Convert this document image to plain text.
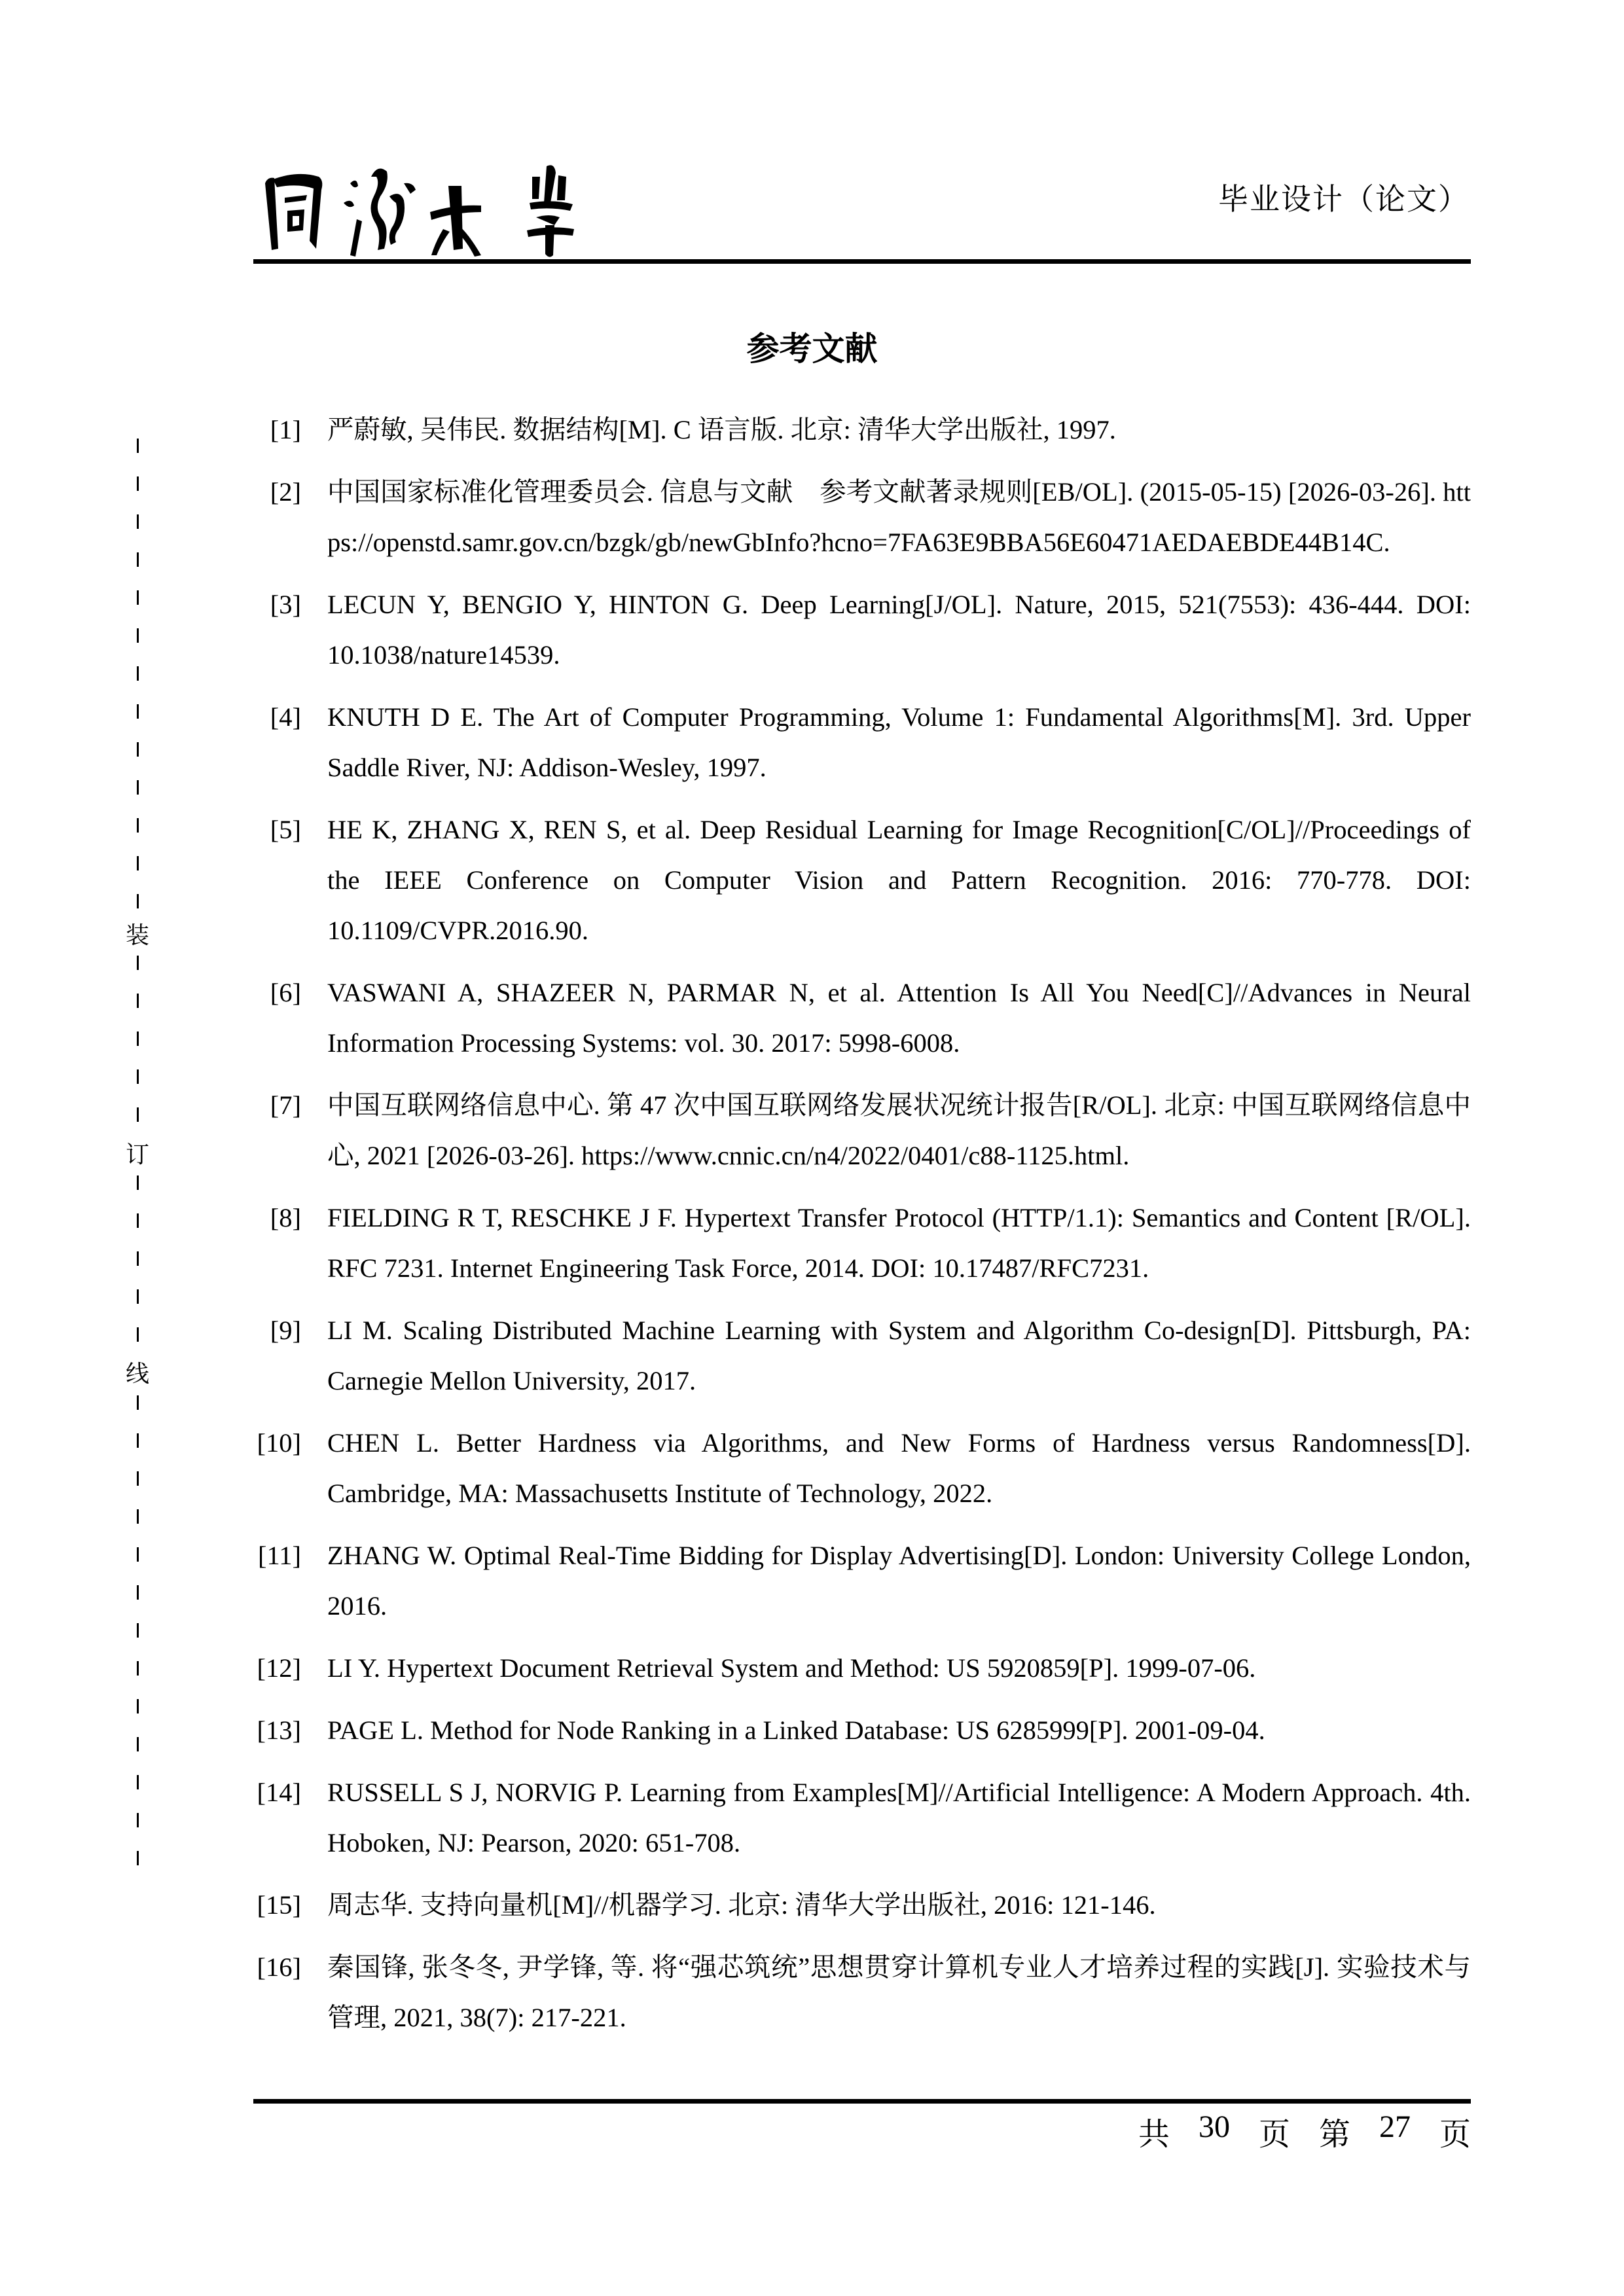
同濟大學
毕业设计（论文）
装
订
线
参考文献
[1] 严蔚敏, 吴伟民. 数据结构[M]. C 语言版. 北京: 清华大学出版社, 1997.
[2] 中国国家标准化管理委员会. 信息与文献　参考文献著录规则[EB/OL]. (2015-05-15) [2026-03-26]. https://openstd.samr.gov.cn/bzgk/gb/newGbInfo?hcno=7FA63E9BBA56E60471AEDAEBDE44B14C.
[3] LECUN Y, BENGIO Y, HINTON G. Deep Learning[J/OL]. Nature, 2015, 521(7553): 436-444. DOI: 10.1038/nature14539.
[4] KNUTH D E. The Art of Computer Programming, Volume 1: Fundamental Algorithms[M]. 3rd. Upper Saddle River, NJ: Addison-Wesley, 1997.
[5] HE K, ZHANG X, REN S, et al. Deep Residual Learning for Image Recognition[C/OL]//Proceedings of the IEEE Conference on Computer Vision and Pattern Recognition. 2016: 770-778. DOI: 10.1109/CVPR.2016.90.
[6] VASWANI A, SHAZEER N, PARMAR N, et al. Attention Is All You Need[C]//Advances in Neural Information Processing Systems: vol. 30. 2017: 5998-6008.
[7] 中国互联网络信息中心. 第 47 次中国互联网络发展状况统计报告[R/OL]. 北京: 中国互联网络信息中心, 2021 [2026-03-26]. https://www.cnnic.cn/n4/2022/0401/c88-1125.html.
[8] FIELDING R T, RESCHKE J F. Hypertext Transfer Protocol (HTTP/1.1): Semantics and Content [R/OL]. RFC 7231. Internet Engineering Task Force, 2014. DOI: 10.17487/RFC7231.
[9] LI M. Scaling Distributed Machine Learning with System and Algorithm Co-design[D]. Pittsburgh, PA: Carnegie Mellon University, 2017.
[10] CHEN L. Better Hardness via Algorithms, and New Forms of Hardness versus Randomness[D]. Cambridge, MA: Massachusetts Institute of Technology, 2022.
[11] ZHANG W. Optimal Real-Time Bidding for Display Advertising[D]. London: University College London, 2016.
[12] LI Y. Hypertext Document Retrieval System and Method: US 5920859[P]. 1999-07-06.
[13] PAGE L. Method for Node Ranking in a Linked Database: US 6285999[P]. 2001-09-04.
[14] RUSSELL S J, NORVIG P. Learning from Examples[M]//Artificial Intelligence: A Modern Approach. 4th. Hoboken, NJ: Pearson, 2020: 651-708.
[15] 周志华. 支持向量机[M]//机器学习. 北京: 清华大学出版社, 2016: 121-146.
[16] 秦国锋, 张冬冬, 尹学锋, 等. 将“强芯筑统”思想贯穿计算机专业人才培养过程的实践[J]. 实验技术与管理, 2021, 38(7): 217-221.
共 30 页 第 27 页
